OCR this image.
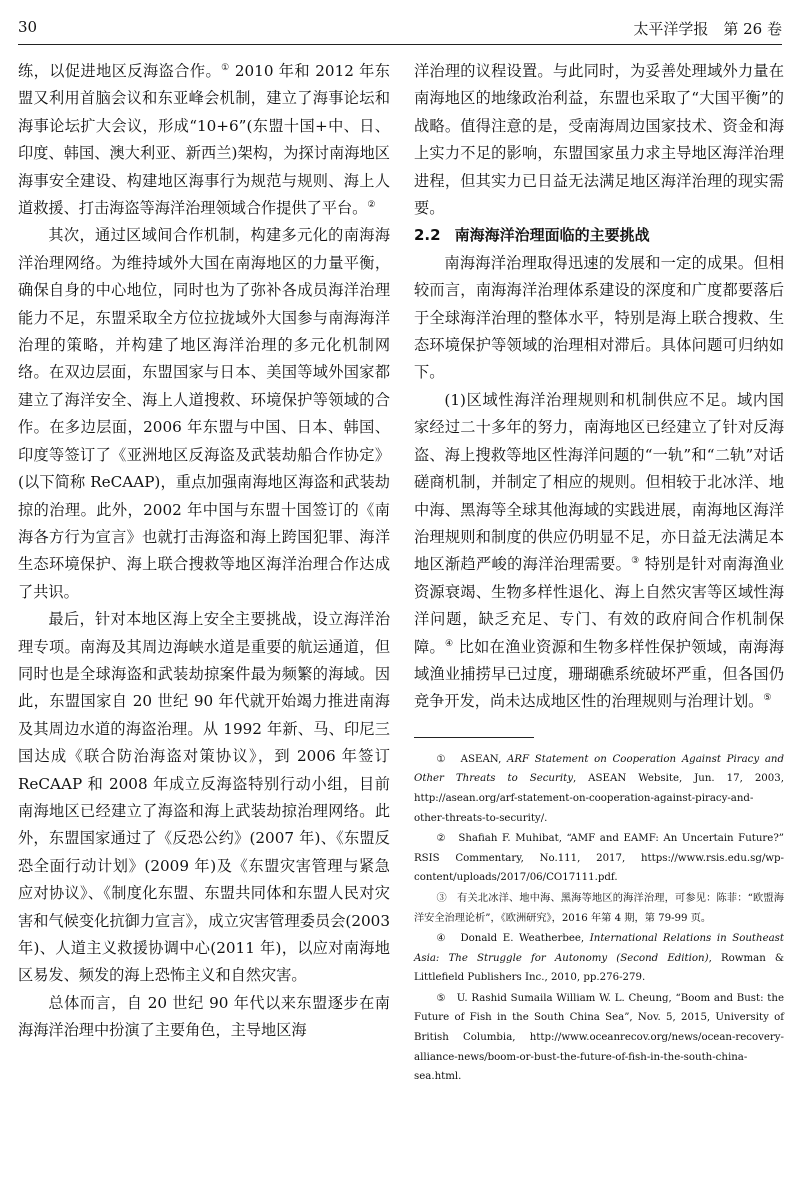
30	太平洋学报　第 26 卷

练，以促进地区反海盗合作。① 2010 年和 2012 年东盟又利用首脑会议和东亚峰会机制，建立了海事论坛和海事论坛扩大会议，形成“10+6”(东盟十国+中、日、印度、韩国、澳大利亚、新西兰)架构，为探讨南海地区海事安全建设、构建地区海事行为规范与规则、海上人道救援、打击海盗等海洋治理领域合作提供了平台。②

其次，通过区域间合作机制，构建多元化的南海海洋治理网络。为维持域外大国在南海地区的力量平衡，确保自身的中心地位，同时也为了弥补各成员海洋治理能力不足，东盟采取全方位拉拢域外大国参与南海海洋治理的策略，并构建了地区海洋治理的多元化机制网络。在双边层面，东盟国家与日本、美国等域外国家都建立了海洋安全、海上人道搜救、环境保护等领域的合作。在多边层面，2006 年东盟与中国、日本、韩国、印度等签订了《亚洲地区反海盗及武装劫船合作协定》(以下简称 ReCAAP)，重点加强南海地区海盗和武装劫掠的治理。此外，2002 年中国与东盟十国签订的《南海各方行为宣言》也就打击海盗和海上跨国犯罪、海洋生态环境保护、海上联合搜救等地区海洋治理合作达成了共识。

最后，针对本地区海上安全主要挑战，设立海洋治理专项。南海及其周边海峡水道是重要的航运通道，但同时也是全球海盗和武装劫掠案件最为频繁的海域。因此，东盟国家自 20 世纪 90 年代就开始竭力推进南海及其周边水道的海盗治理。从 1992 年新、马、印尼三国达成《联合防治海盗对策协议》，到 2006 年签订 ReCAAP 和 2008 年成立反海盗特别行动小组，目前南海地区已经建立了海盗和海上武装劫掠治理网络。此外，东盟国家通过了《反恐公约》(2007 年)、《东盟反恐全面行动计划》(2009 年)及《东盟灾害管理与紧急应对协议》、《制度化东盟、东盟共同体和东盟人民对灾害和气候变化抗御力宣言》，成立灾害管理委员会(2003 年)、人道主义救援协调中心(2011 年)，以应对南海地区易发、频发的海上恐怖主义和自然灾害。

总体而言，自 20 世纪 90 年代以来东盟逐步在南海海洋治理中扮演了主要角色，主导地区海

洋治理的议程设置。与此同时，为妥善处理域外力量在南海地区的地缘政治利益，东盟也采取了“大国平衡”的战略。值得注意的是，受南海周边国家技术、资金和海上实力不足的影响，东盟国家虽力求主导地区海洋治理进程，但其实力已日益无法满足地区海洋治理的现实需要。

2.2 南海海洋治理面临的主要挑战

南海海洋治理取得迅速的发展和一定的成果。但相较而言，南海海洋治理体系建设的深度和广度都要落后于全球海洋治理的整体水平，特别是海上联合搜救、生态环境保护等领域的治理相对滞后。具体问题可归纳如下。

(1)区域性海洋治理规则和机制供应不足。域内国家经过二十多年的努力，南海地区已经建立了针对反海盗、海上搜救等地区性海洋问题的“一轨”和“二轨”对话磋商机制，并制定了相应的规则。但相较于北冰洋、地中海、黑海等全球其他海域的实践进展，南海地区海洋治理规则和制度的供应仍明显不足，亦日益无法满足本地区渐趋严峻的海洋治理需要。③ 特别是针对南海渔业资源衰竭、生物多样性退化、海上自然灾害等区域性海洋问题，缺乏充足、专门、有效的政府间合作机制保障。④ 比如在渔业资源和生物多样性保护领域，南海海域渔业捕捞早已过度，珊瑚礁系统破坏严重，但各国仍竞争开发，尚未达成地区性的治理规则与治理计划。⑤

①　ASEAN, ARF Statement on Cooperation Against Piracy and Other Threats to Security, ASEAN Website, Jun. 17, 2003, http://asean.org/arf-statement-on-cooperation-against-piracy-and-other-threats-to-security/.

②　Shafiah F. Muhibat, “AMF and EAMF: An Uncertain Future?” RSIS Commentary, No.111, 2017, https://www.rsis.edu.sg/wp-content/uploads/2017/06/CO17111.pdf.

③　有关北冰洋、地中海、黑海等地区的海洋治理，可参见：陈菲：“欧盟海洋安全治理论析”，《欧洲研究》，2016 年第 4 期，第 79-99 页。

④　Donald E. Weatherbee, International Relations in Southeast Asia: The Struggle for Autonomy (Second Edition), Rowman & Littlefield Publishers Inc., 2010, pp.276-279.

⑤　U. Rashid Sumaila William W. L. Cheung, “Boom and Bust: the Future of Fish in the South China Sea”, Nov. 5, 2015, University of British Columbia, http://www.oceanrecov.org/news/ocean-recovery-alliance-news/boom-or-bust-the-future-of-fish-in-the-south-china-sea.html.
